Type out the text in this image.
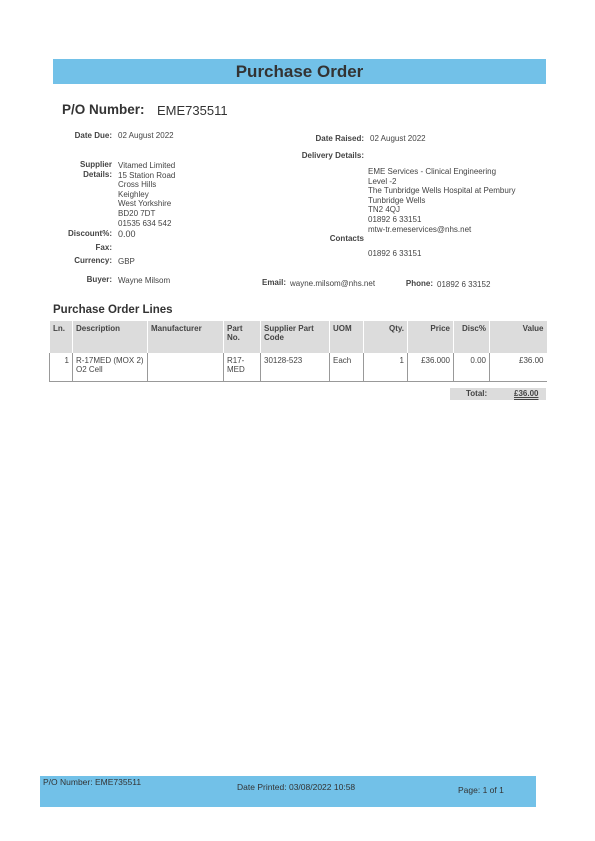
Purchase Order
P/O Number: EME735511
Date Due: 02 August 2022
Supplier
Details:
Vitamed Limited
15 Station Road
Cross Hills
Keighley
West Yorkshire
BD20 7DT
01535 634 542
Discount%: 0.00
Fax:
Currency: GBP
Buyer: Wayne Milsom
Date Raised: 02 August 2022
Delivery Details:
EME Services - Clinical Engineering
Level -2
The Tunbridge Wells Hospital at Pembury
Tunbridge Wells
TN2 4QJ
01892 6 33151
mtw-tr.emeservices@nhs.net
Contacts
01892 6 33151
Email: wayne.milsom@nhs.net	Phone: 01892 6 33152
Purchase Order Lines
Ln.	Description	Manufacturer	Part No.	Supplier Part Code	UOM	Qty.	Price	Disc%	Value
1	R-17MED (MOX 2) O2 Cell		R17-MED	30128-523	Each	1	£36.000	0.00	£36.00
Total:	£36.00
P/O Number: EME735511	Date Printed: 03/08/2022 10:58	Page: 1 of 1
